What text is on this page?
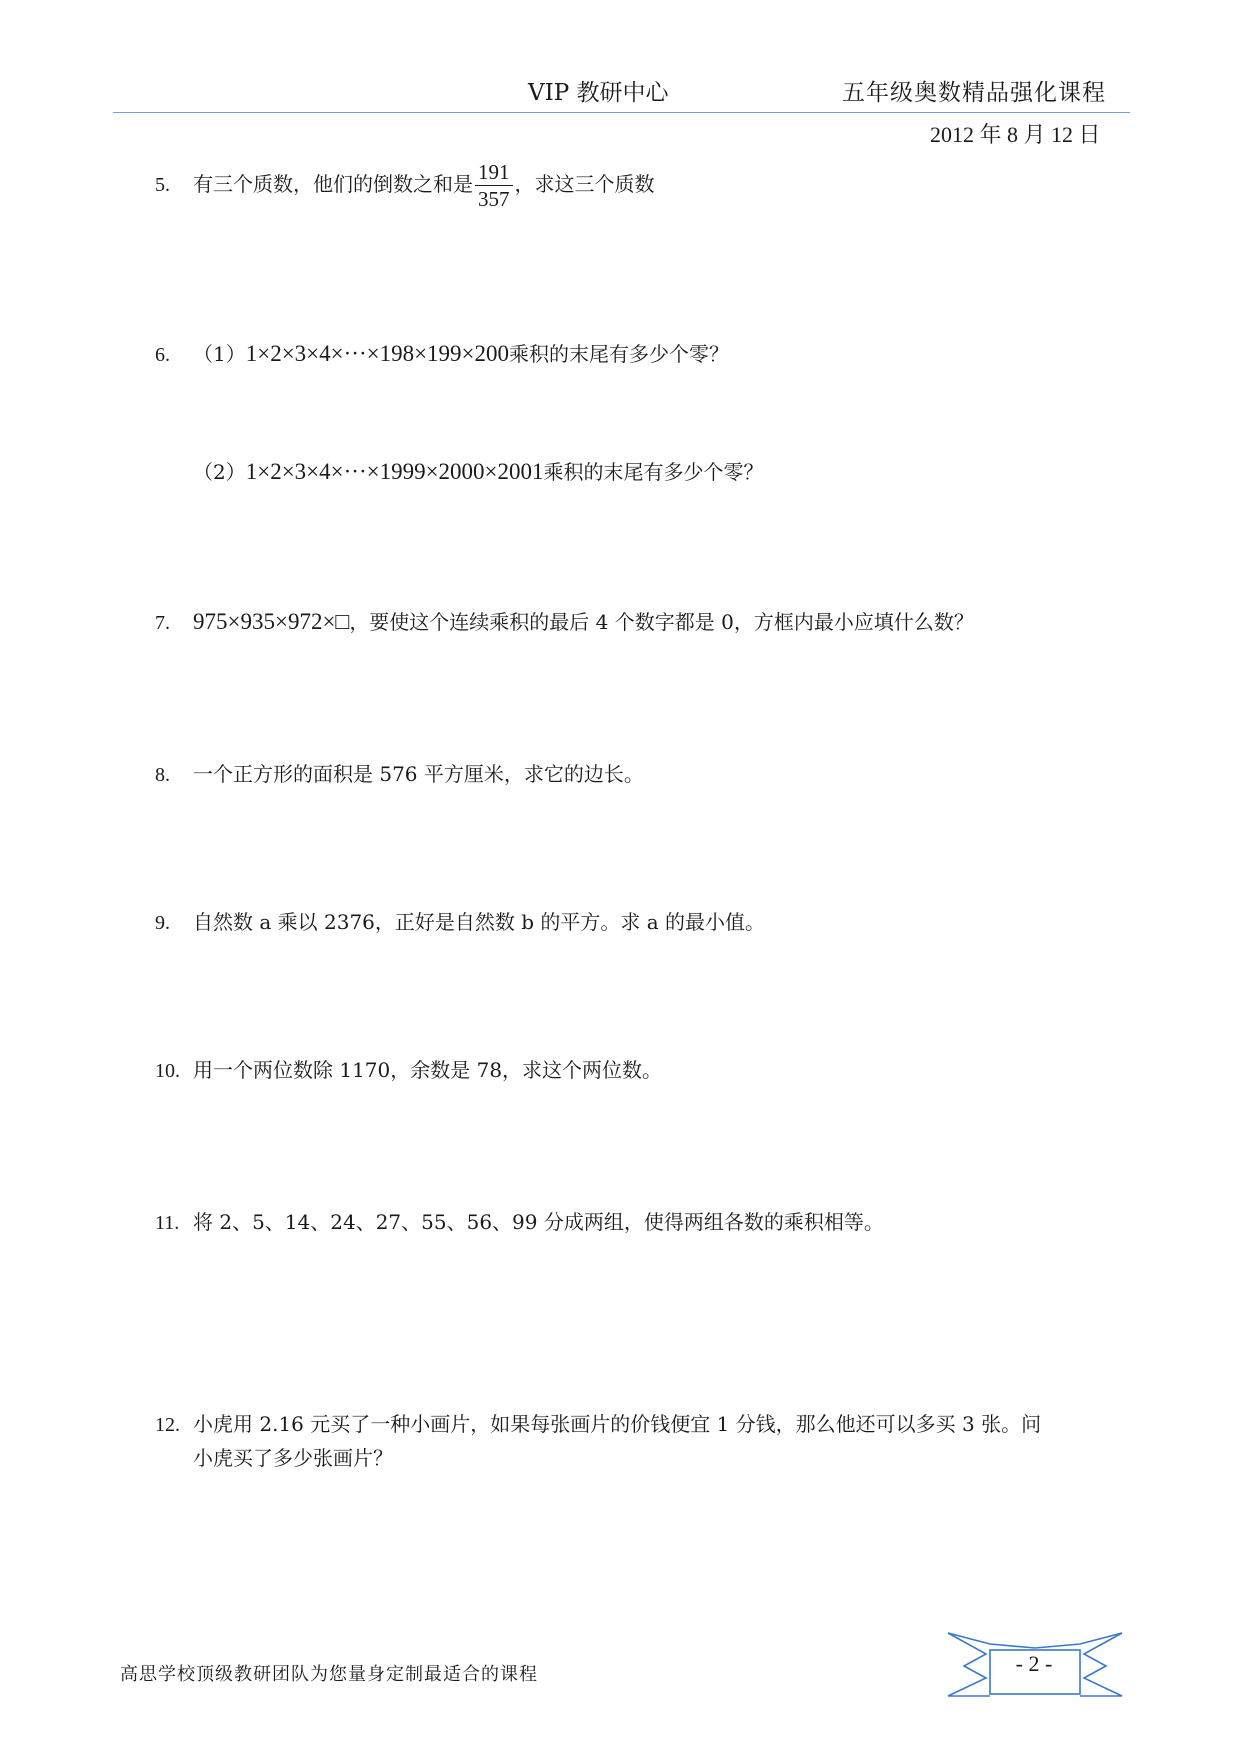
VIP 教研中心	五年级奥数精品强化课程
2012 年 8 月 12 日
5. 有三个质数，他们的倒数之和是 $\frac{191}{357}$ ，求这三个质数
6. （1）1×2×3×4×···×198×199×200乘积的末尾有多少个零？
（2）1×2×3×4×···×1999×2000×2001乘积的末尾有多少个零？
7. 975×935×972×□，要使这个连续乘积的最后 4 个数字都是 0，方框内最小应填什么数？
8. 一个正方形的面积是 576 平方厘米，求它的边长。
9. 自然数 a 乘以 2376，正好是自然数 b 的平方。求 a 的最小值。
10. 用一个两位数除 1170，余数是 78，求这个两位数。
11. 将 2、5、14、24、27、55、56、99 分成两组，使得两组各数的乘积相等。
12. 小虎用 2.16 元买了一种小画片，如果每张画片的价钱便宜 1 分钱，那么他还可以多买 3 张。问
小虎买了多少张画片？
高思学校顶级教研团队为您量身定制最适合的课程	- 2 -
